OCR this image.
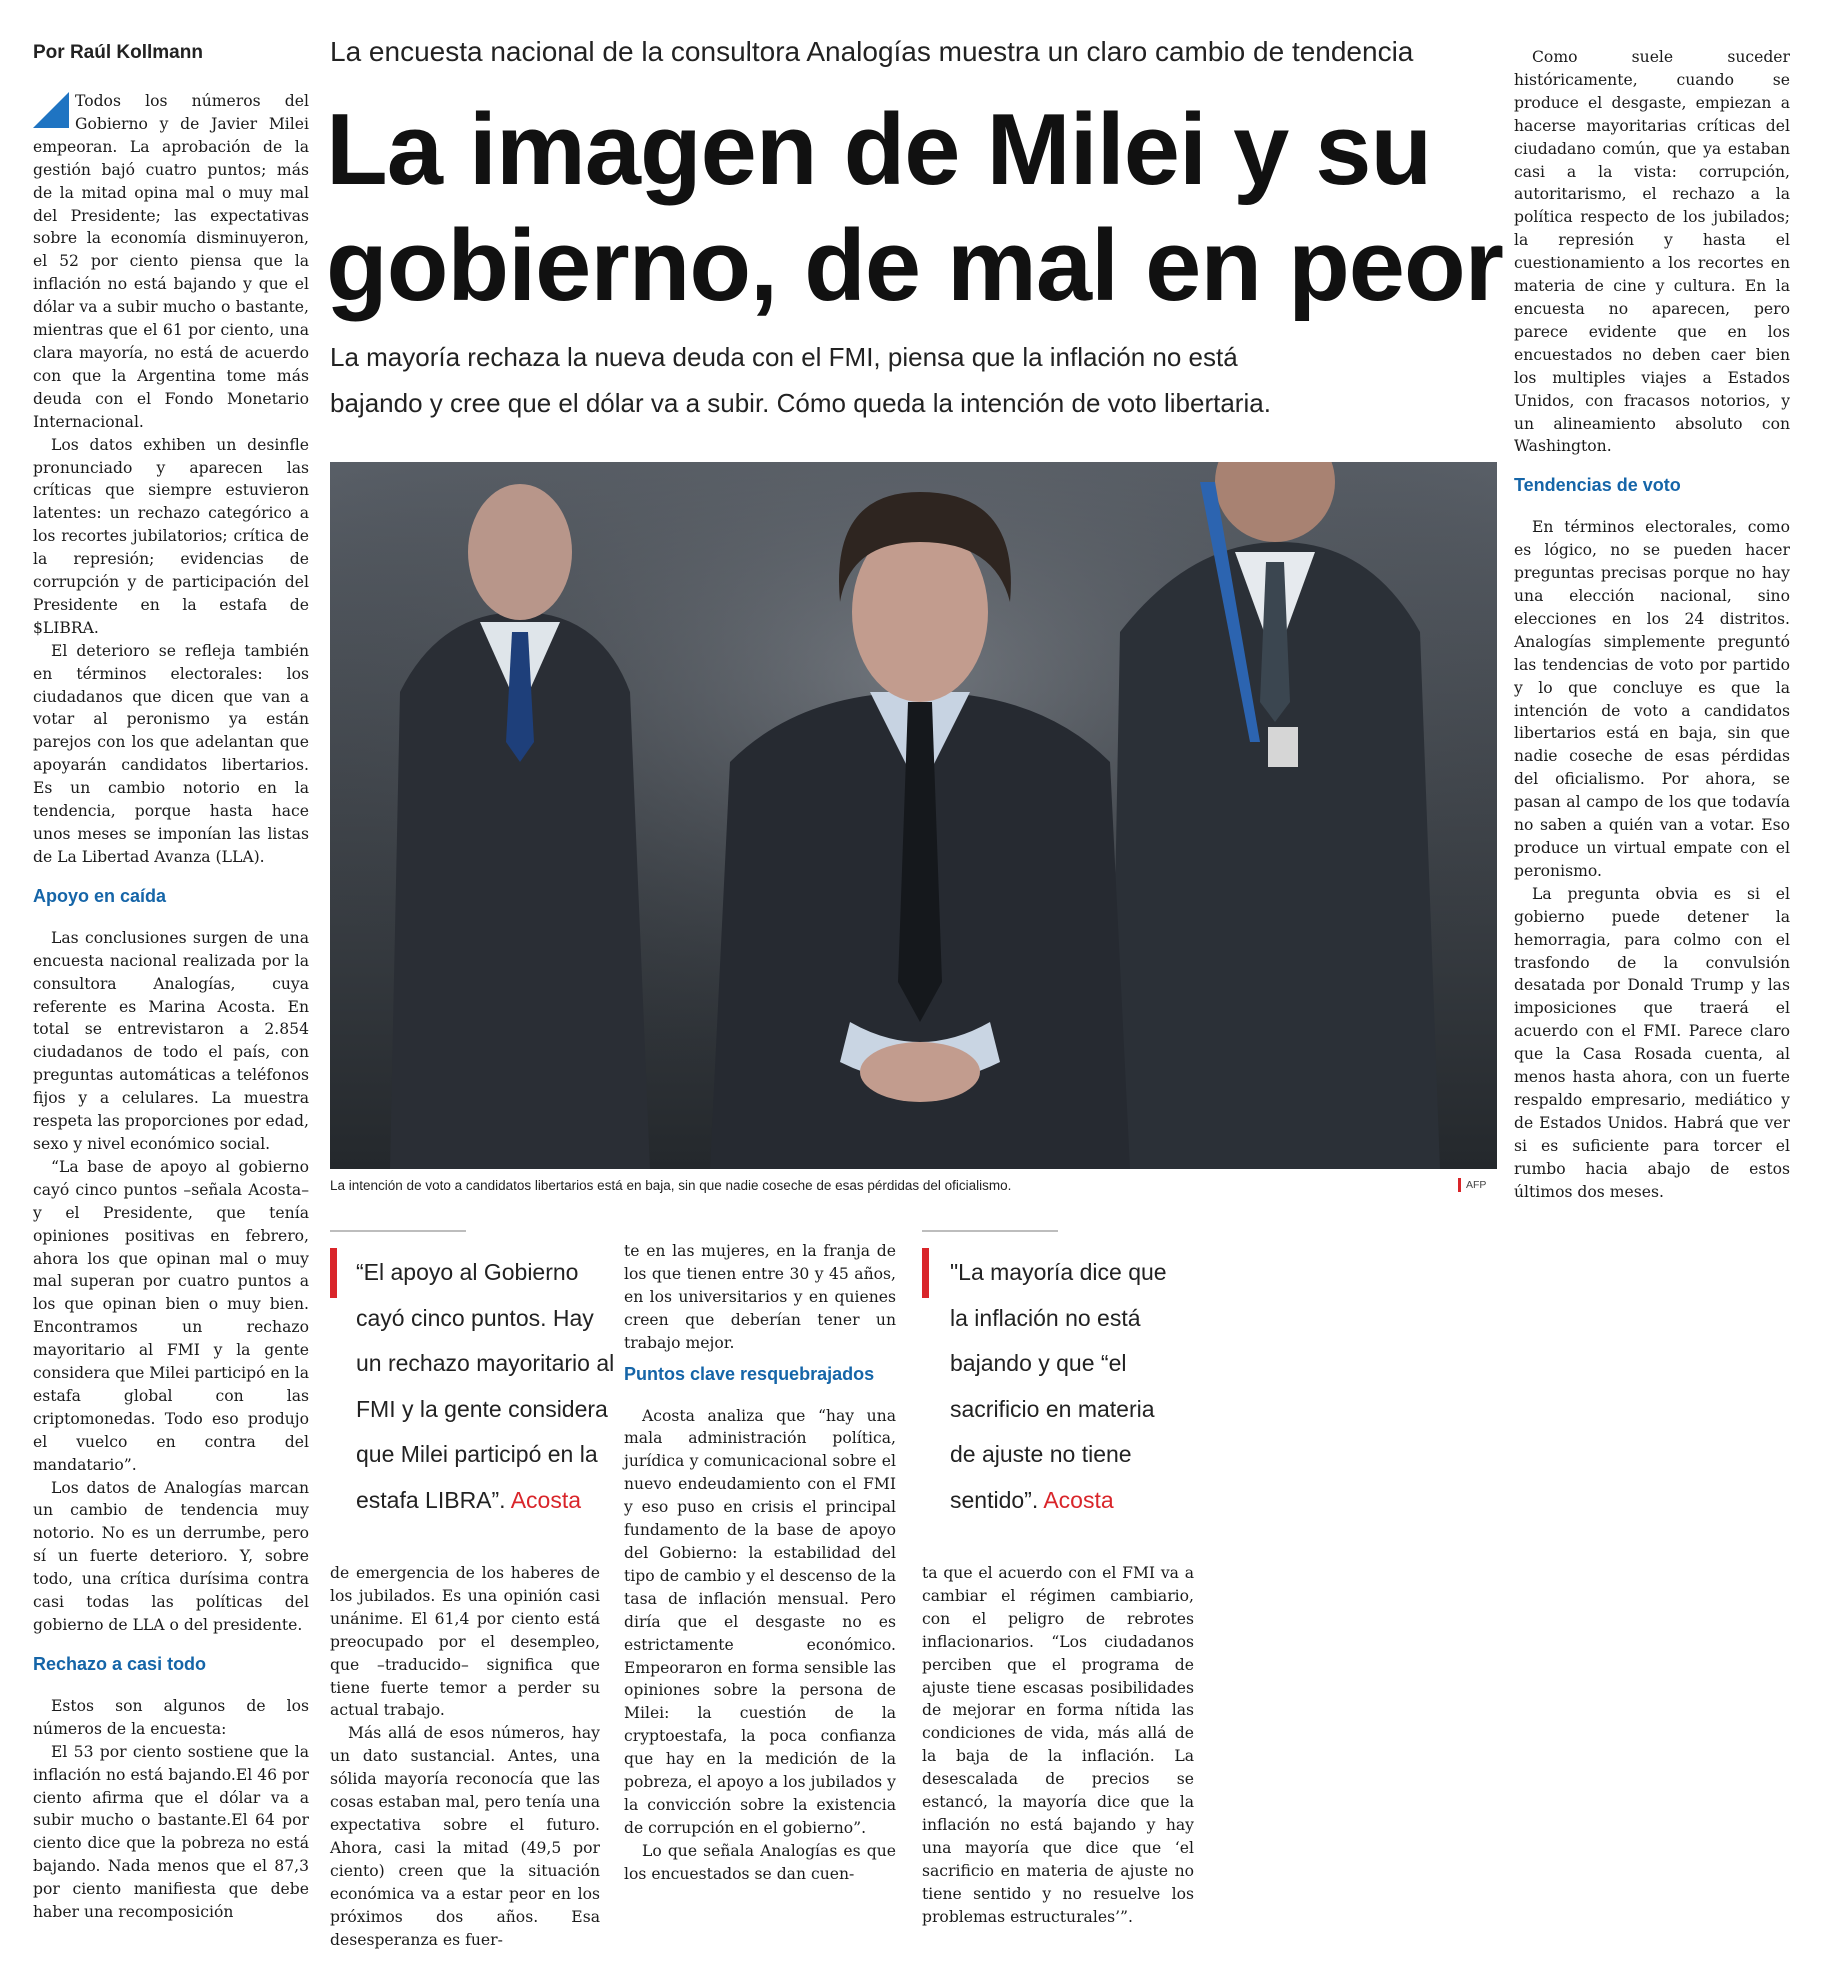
Por Raúl Kollmann	La encuesta nacional de la consultora Analogías muestra un claro cambio de tendencia
La imagen de Milei y su
gobierno, de mal en peor
La mayoría rechaza la nueva deuda con el FMI, piensa que la inflación no está
bajando y cree que el dólar va a subir. Cómo queda la intención de voto libertaria.

Todos los números del Gobierno y de Javier Milei empeoran. La aprobación de la gestión bajó cuatro puntos; más de la mitad opina mal o muy mal del Presidente; las expectativas sobre la economía disminuyeron, el 52 por ciento piensa que la inflación no está bajando y que el dólar va a subir mucho o bastante, mientras que el 61 por ciento, una clara mayoría, no está de acuerdo con que la Argentina tome más deuda con el Fondo Monetario Internacional.

Los datos exhiben un desinfle pronunciado y aparecen las críticas que siempre estuvieron latentes: un rechazo categórico a los recortes jubilatorios; crítica de la represión; evidencias de corrupción y de participación del Presidente en la estafa de $LIBRA.

El deterioro se refleja también en términos electorales: los ciudadanos que dicen que van a votar al peronismo ya están parejos con los que adelantan que apoyarán candidatos libertarios. Es un cambio notorio en la tendencia, porque hasta hace unos meses se imponían las listas de La Libertad Avanza (LLA).

Apoyo en caída

Las conclusiones surgen de una encuesta nacional realizada por la consultora Analogías, cuya referente es Marina Acosta. En total se entrevistaron a 2.854 ciudadanos de todo el país, con preguntas automáticas a teléfonos fijos y a celulares. La muestra respeta las proporciones por edad, sexo y nivel económico social.

“La base de apoyo al gobierno cayó cinco puntos –señala Acosta– y el Presidente, que tenía opiniones positivas en febrero, ahora los que opinan mal o muy mal superan por cuatro puntos a los que opinan bien o muy bien. Encontramos un rechazo mayoritario al FMI y la gente considera que Milei participó en la estafa global con las criptomonedas. Todo eso produjo el vuelco en contra del mandatario”.

Los datos de Analogías marcan un cambio de tendencia muy notorio. No es un derrumbe, pero sí un fuerte deterioro. Y, sobre todo, una crítica durísima contra casi todas las políticas del gobierno de LLA o del presidente.

Rechazo a casi todo

Estos son algunos de los números de la encuesta:

El 53 por ciento sostiene que la inflación no está bajando.El 46 por ciento afirma que el dólar va a subir mucho o bastante.El 64 por ciento dice que la pobreza no está bajando. Nada menos que el 87,3 por ciento manifiesta que debe haber una recomposición

La intención de voto a candidatos libertarios está en baja, sin que nadie coseche de esas pérdidas del oficialismo.	AFP
“El apoyo al Gobierno
cayó cinco puntos. Hay
un rechazo mayoritario al
FMI y la gente considera
que Milei participó en la
estafa LIBRA”. Acosta

de emergencia de los haberes de los jubilados. Es una opinión casi unánime. El 61,4 por ciento está preocupado por el desempleo, que –traducido– significa que tiene fuerte temor a perder su actual trabajo.

Más allá de esos números, hay un dato sustancial. Antes, una sólida mayoría reconocía que las cosas estaban mal, pero tenía una expectativa sobre el futuro. Ahora, casi la mitad (49,5 por ciento) creen que la situación económica va a estar peor en los próximos dos años. Esa desesperanza es fuer-

te en las mujeres, en la franja de los que tienen entre 30 y 45 años, en los universitarios y en quienes creen que deberían tener un trabajo mejor.

Puntos clave resquebrajados

Acosta analiza que “hay una mala administración política, jurídica y comunicacional sobre el nuevo endeudamiento con el FMI y eso puso en crisis el principal fundamento de la base de apoyo del Gobierno: la estabilidad del tipo de cambio y el descenso de la tasa de inflación mensual. Pero diría que el desgaste no es estrictamente económico. Empeoraron en forma sensible las opiniones sobre la persona de Milei: la cuestión de la cryptoestafa, la poca confianza que hay en la medición de la pobreza, el apoyo a los jubilados y la convicción sobre la existencia de corrupción en el gobierno”.

Lo que señala Analogías es que los encuestados se dan cuen-

"La mayoría dice que
la inflación no está
bajando y que “el
sacrificio en materia
de ajuste no tiene
sentido”. Acosta

ta que el acuerdo con el FMI va a cambiar el régimen cambiario, con el peligro de rebrotes inflacionarios. “Los ciudadanos perciben que el programa de ajuste tiene escasas posibilidades de mejorar en forma nítida las condiciones de vida, más allá de la baja de la inflación. La desescalada de precios se estancó, la mayoría dice que la inflación no está bajando y hay una mayoría que dice que ‘el sacrificio en materia de ajuste no tiene sentido y no resuelve los problemas estructurales’”.

Como suele suceder históricamente, cuando se produce el desgaste, empiezan a hacerse mayoritarias críticas del ciudadano común, que ya estaban casi a la vista: corrupción, autoritarismo, el rechazo a la política respecto de los jubilados; la represión y hasta el cuestionamiento a los recortes en materia de cine y cultura. En la encuesta no aparecen, pero parece evidente que en los encuestados no deben caer bien los multiples viajes a Estados Unidos, con fracasos notorios, y un alineamiento absoluto con Washington.

Tendencias de voto

En términos electorales, como es lógico, no se pueden hacer preguntas precisas porque no hay una elección nacional, sino elecciones en los 24 distritos. Analogías simplemente preguntó las tendencias de voto por partido y lo que concluye es que la intención de voto a candidatos libertarios está en baja, sin que nadie coseche de esas pérdidas del oficialismo. Por ahora, se pasan al campo de los que todavía no saben a quién van a votar. Eso produce un virtual empate con el peronismo.

La pregunta obvia es si el gobierno puede detener la hemorragia, para colmo con el trasfondo de la convulsión desatada por Donald Trump y las imposiciones que traerá el acuerdo con el FMI. Parece claro que la Casa Rosada cuenta, al menos hasta ahora, con un fuerte respaldo empresario, mediático y de Estados Unidos. Habrá que ver si es suficiente para torcer el rumbo hacia abajo de estos últimos dos meses.
